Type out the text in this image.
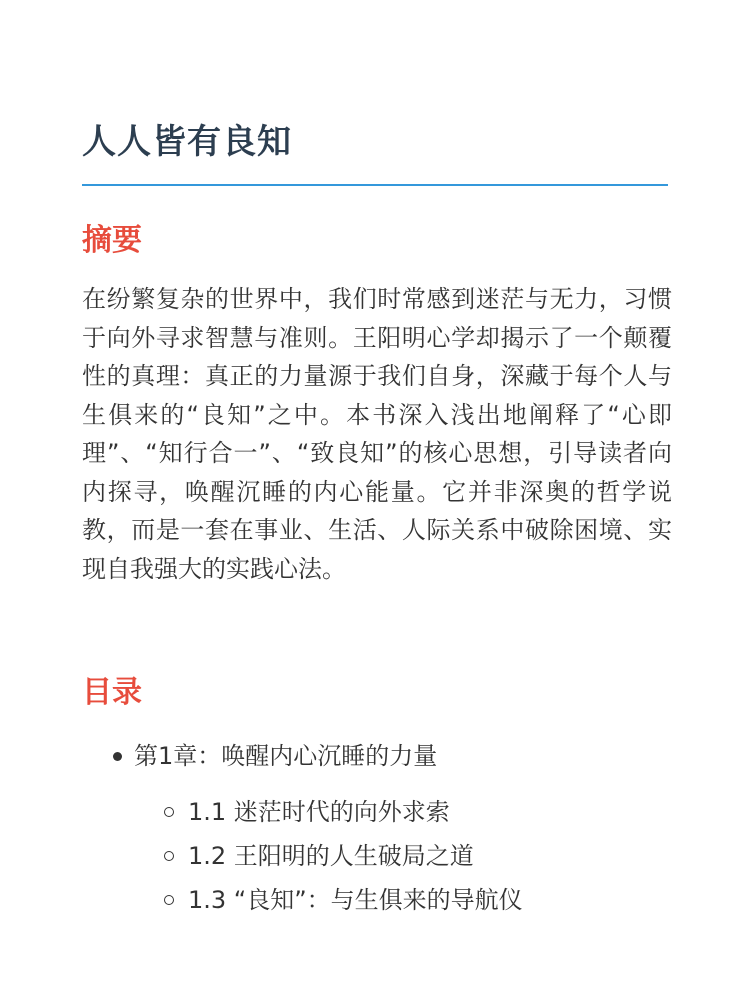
人人皆有良知
摘要

在纷繁复杂的世界中，我们时常感到迷茫与无力，习惯于向外寻求智慧与准则。王阳明心学却揭示了一个颠覆性的真理：真正的力量源于我们自身，深藏于每个人与生俱来的“良知”之中。本书深入浅出地阐释了“心即理”、“知行合一”、“致良知”的核心思想，引导读者向内探寻，唤醒沉睡的内心能量。它并非深奥的哲学说教，而是一套在事业、生活、人际关系中破除困境、实现自我强大的实践心法。

目录
第1章：唤醒内心沉睡的力量
1.1 迷茫时代的向外求索
1.2 王阳明的人生破局之道
1.3 “良知”：与生俱来的导航仪
